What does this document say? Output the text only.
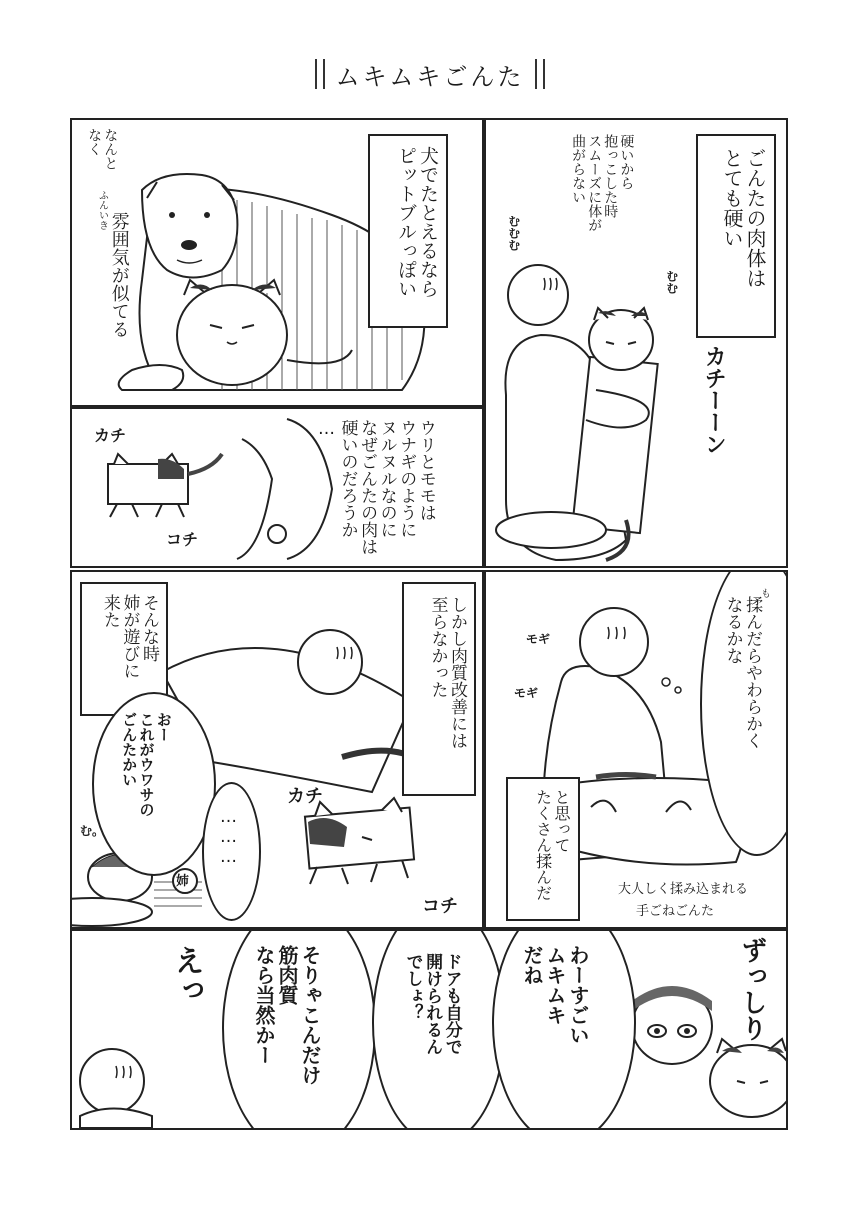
ムキムキごんた
犬でたとえるなら
ピットブルっぽい
なんと
なく
ふんいき
雰囲気が似てる	ごんたの肉体は
とても硬い
硬いから
抱っこした時
スムーズに体が
曲がらない
むむむ
むむ
カチーーン
ウリとモモは
ウナギのように
ヌルヌルなのに
なぜごんたの肉は
硬いのだろうか
…
カチ
コチ
そんな時
姉が遊びに
来た	しかし肉質改善には
至らなかった
おー
これがウワサの
ごんたかい
………
む。
姉
カチ
コチ
も
揉んだらやわらかく
なるかな
と思って
たくさん揉んだ
モギ
モギ
大人しく揉み込まれる
手ごねごんた
そりゃこんだけ
筋肉質
なら当然かー	ドアも自分で
開けられるん
でしょ？	わーすごい
ムキムキ
だね
えっ	ずっしり
